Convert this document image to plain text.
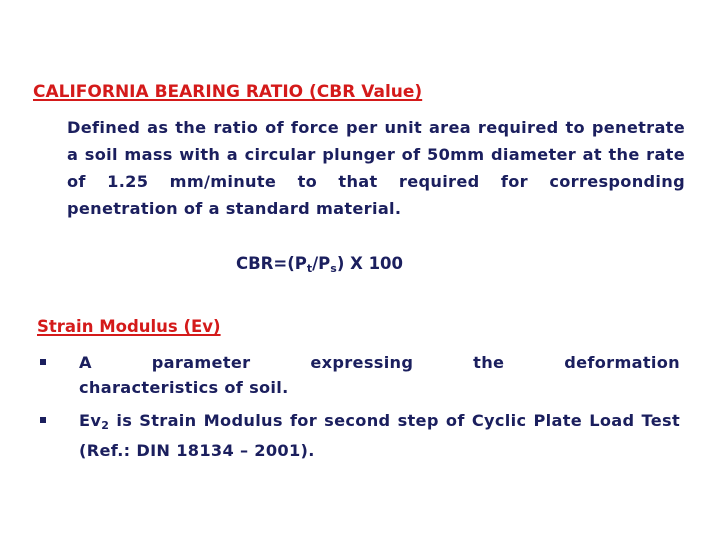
CALIFORNIA BEARING RATIO (CBR Value)
Defined as the ratio of force per unit area required to penetrate a soil mass with a circular plunger of 50mm diameter at the rate of 1.25 mm/minute to that required for corresponding penetration of a standard material.
$CBR=(P_t/P_s)$ X 100
Strain Modulus (Ev)
A parameter expressing the deformation
characteristics of soil.
$Ev_2$ is Strain Modulus for second step of Cyclic Plate Load Test (Ref.: DIN 18134 – 2001).
